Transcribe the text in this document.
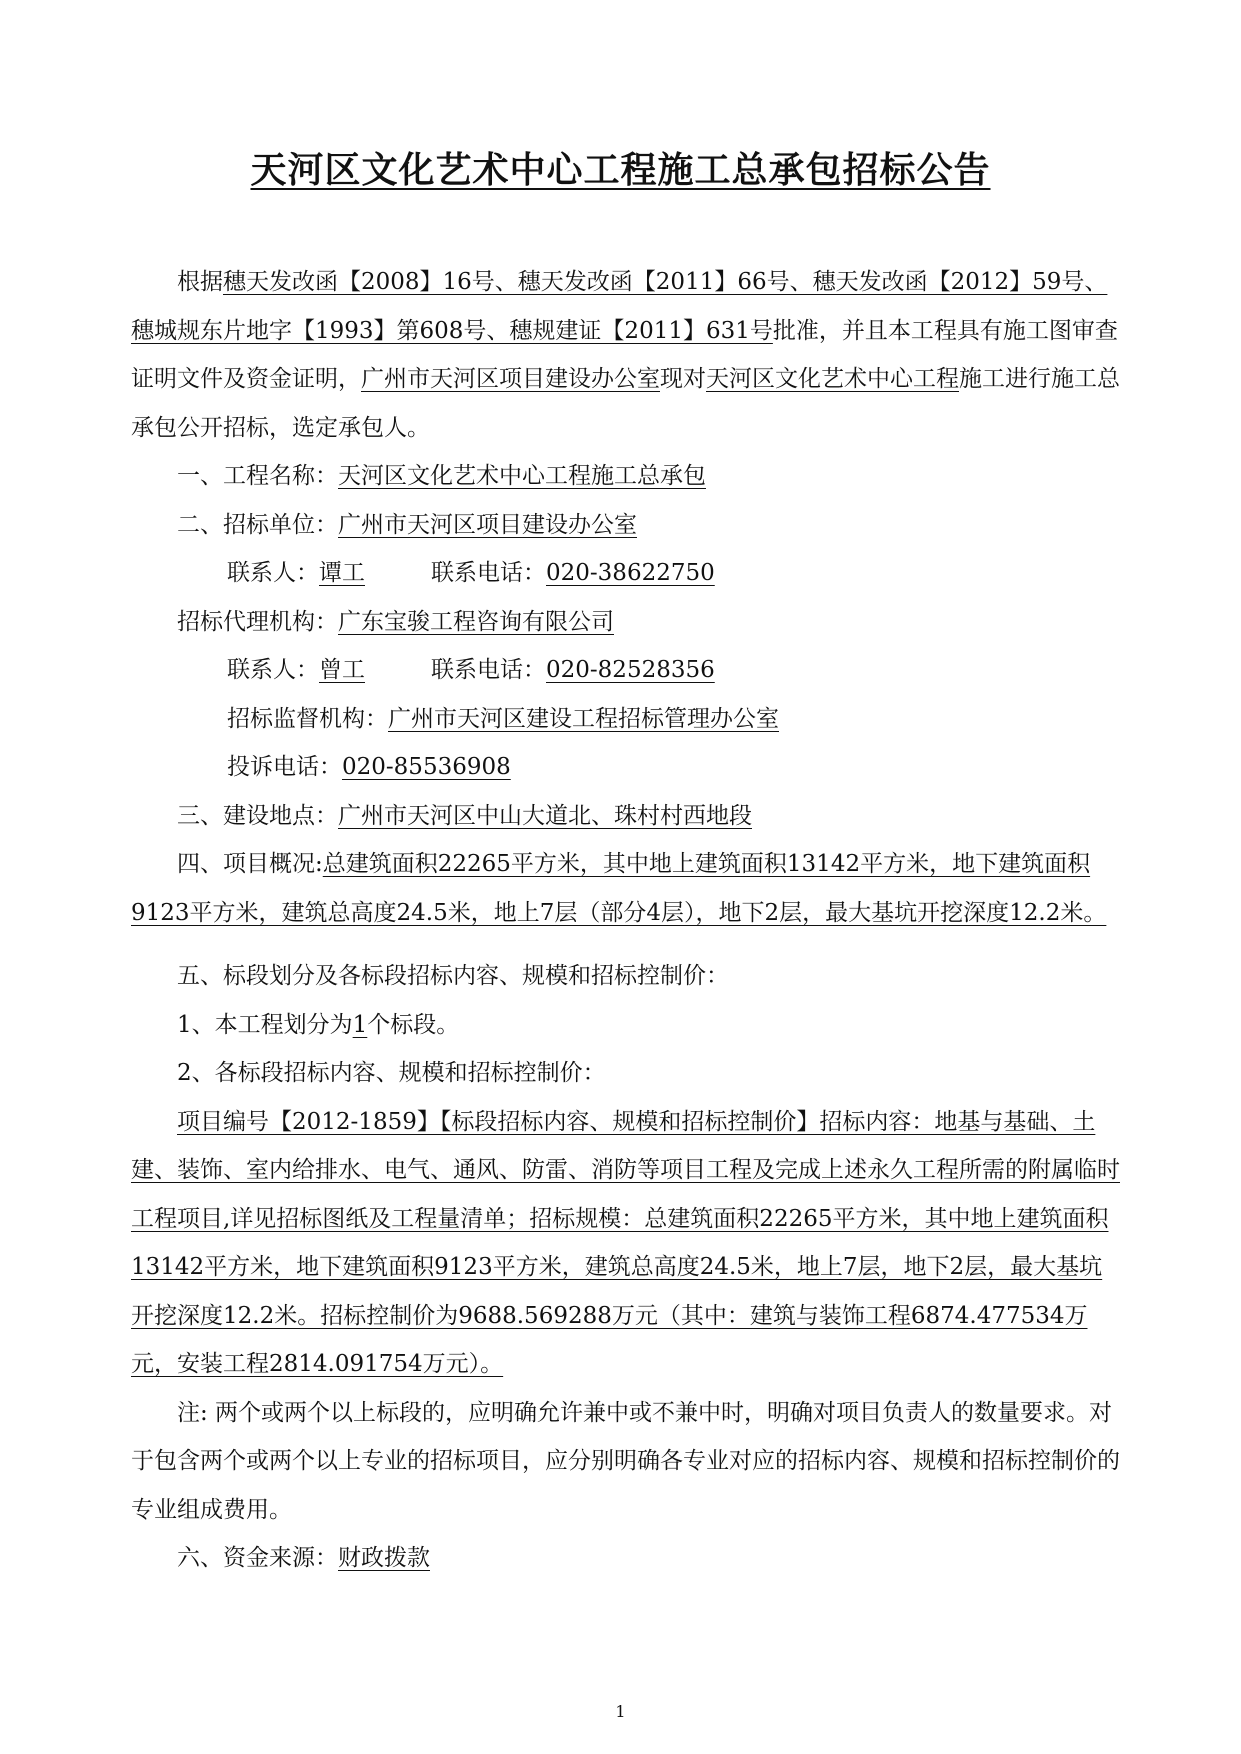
天河区文化艺术中心工程施工总承包招标公告

根据穗天发改函【2008】16号、穗天发改函【2011】66号、穗天发改函【2012】59号、穗城规东片地字【1993】第608号、穗规建证【2011】631号批准，并且本工程具有施工图审查证明文件及资金证明，广州市天河区项目建设办公室现对天河区文化艺术中心工程施工进行施工总承包公开招标，选定承包人。

一、工程名称：天河区文化艺术中心工程施工总承包

二、招标单位：广州市天河区项目建设办公室

联系人：谭工	联系电话：020-38622750

招标代理机构：广东宝骏工程咨询有限公司

联系人：曾工	联系电话：020-82528356

招标监督机构：广州市天河区建设工程招标管理办公室

投诉电话：020-85536908

三、建设地点：广州市天河区中山大道北、珠村村西地段

四、项目概况:总建筑面积22265平方米，其中地上建筑面积13142平方米，地下建筑面积9123平方米，建筑总高度24.5米，地上7层（部分4层），地下2层，最大基坑开挖深度12.2米。

五、标段划分及各标段招标内容、规模和招标控制价：

1、本工程划分为1个标段。

2、各标段招标内容、规模和招标控制价：

项目编号【2012-1859】【标段招标内容、规模和招标控制价】招标内容：地基与基础、土建、装饰、室内给排水、电气、通风、防雷、消防等项目工程及完成上述永久工程所需的附属临时工程项目,详见招标图纸及工程量清单；招标规模：总建筑面积22265平方米，其中地上建筑面积13142平方米，地下建筑面积9123平方米，建筑总高度24.5米，地上7层，地下2层，最大基坑开挖深度12.2米。招标控制价为9688.569288万元（其中：建筑与装饰工程6874.477534万元，安装工程2814.091754万元）。

注: 两个或两个以上标段的，应明确允许兼中或不兼中时，明确对项目负责人的数量要求。对于包含两个或两个以上专业的招标项目，应分别明确各专业对应的招标内容、规模和招标控制价的专业组成费用。

六、资金来源：财政拨款

1
